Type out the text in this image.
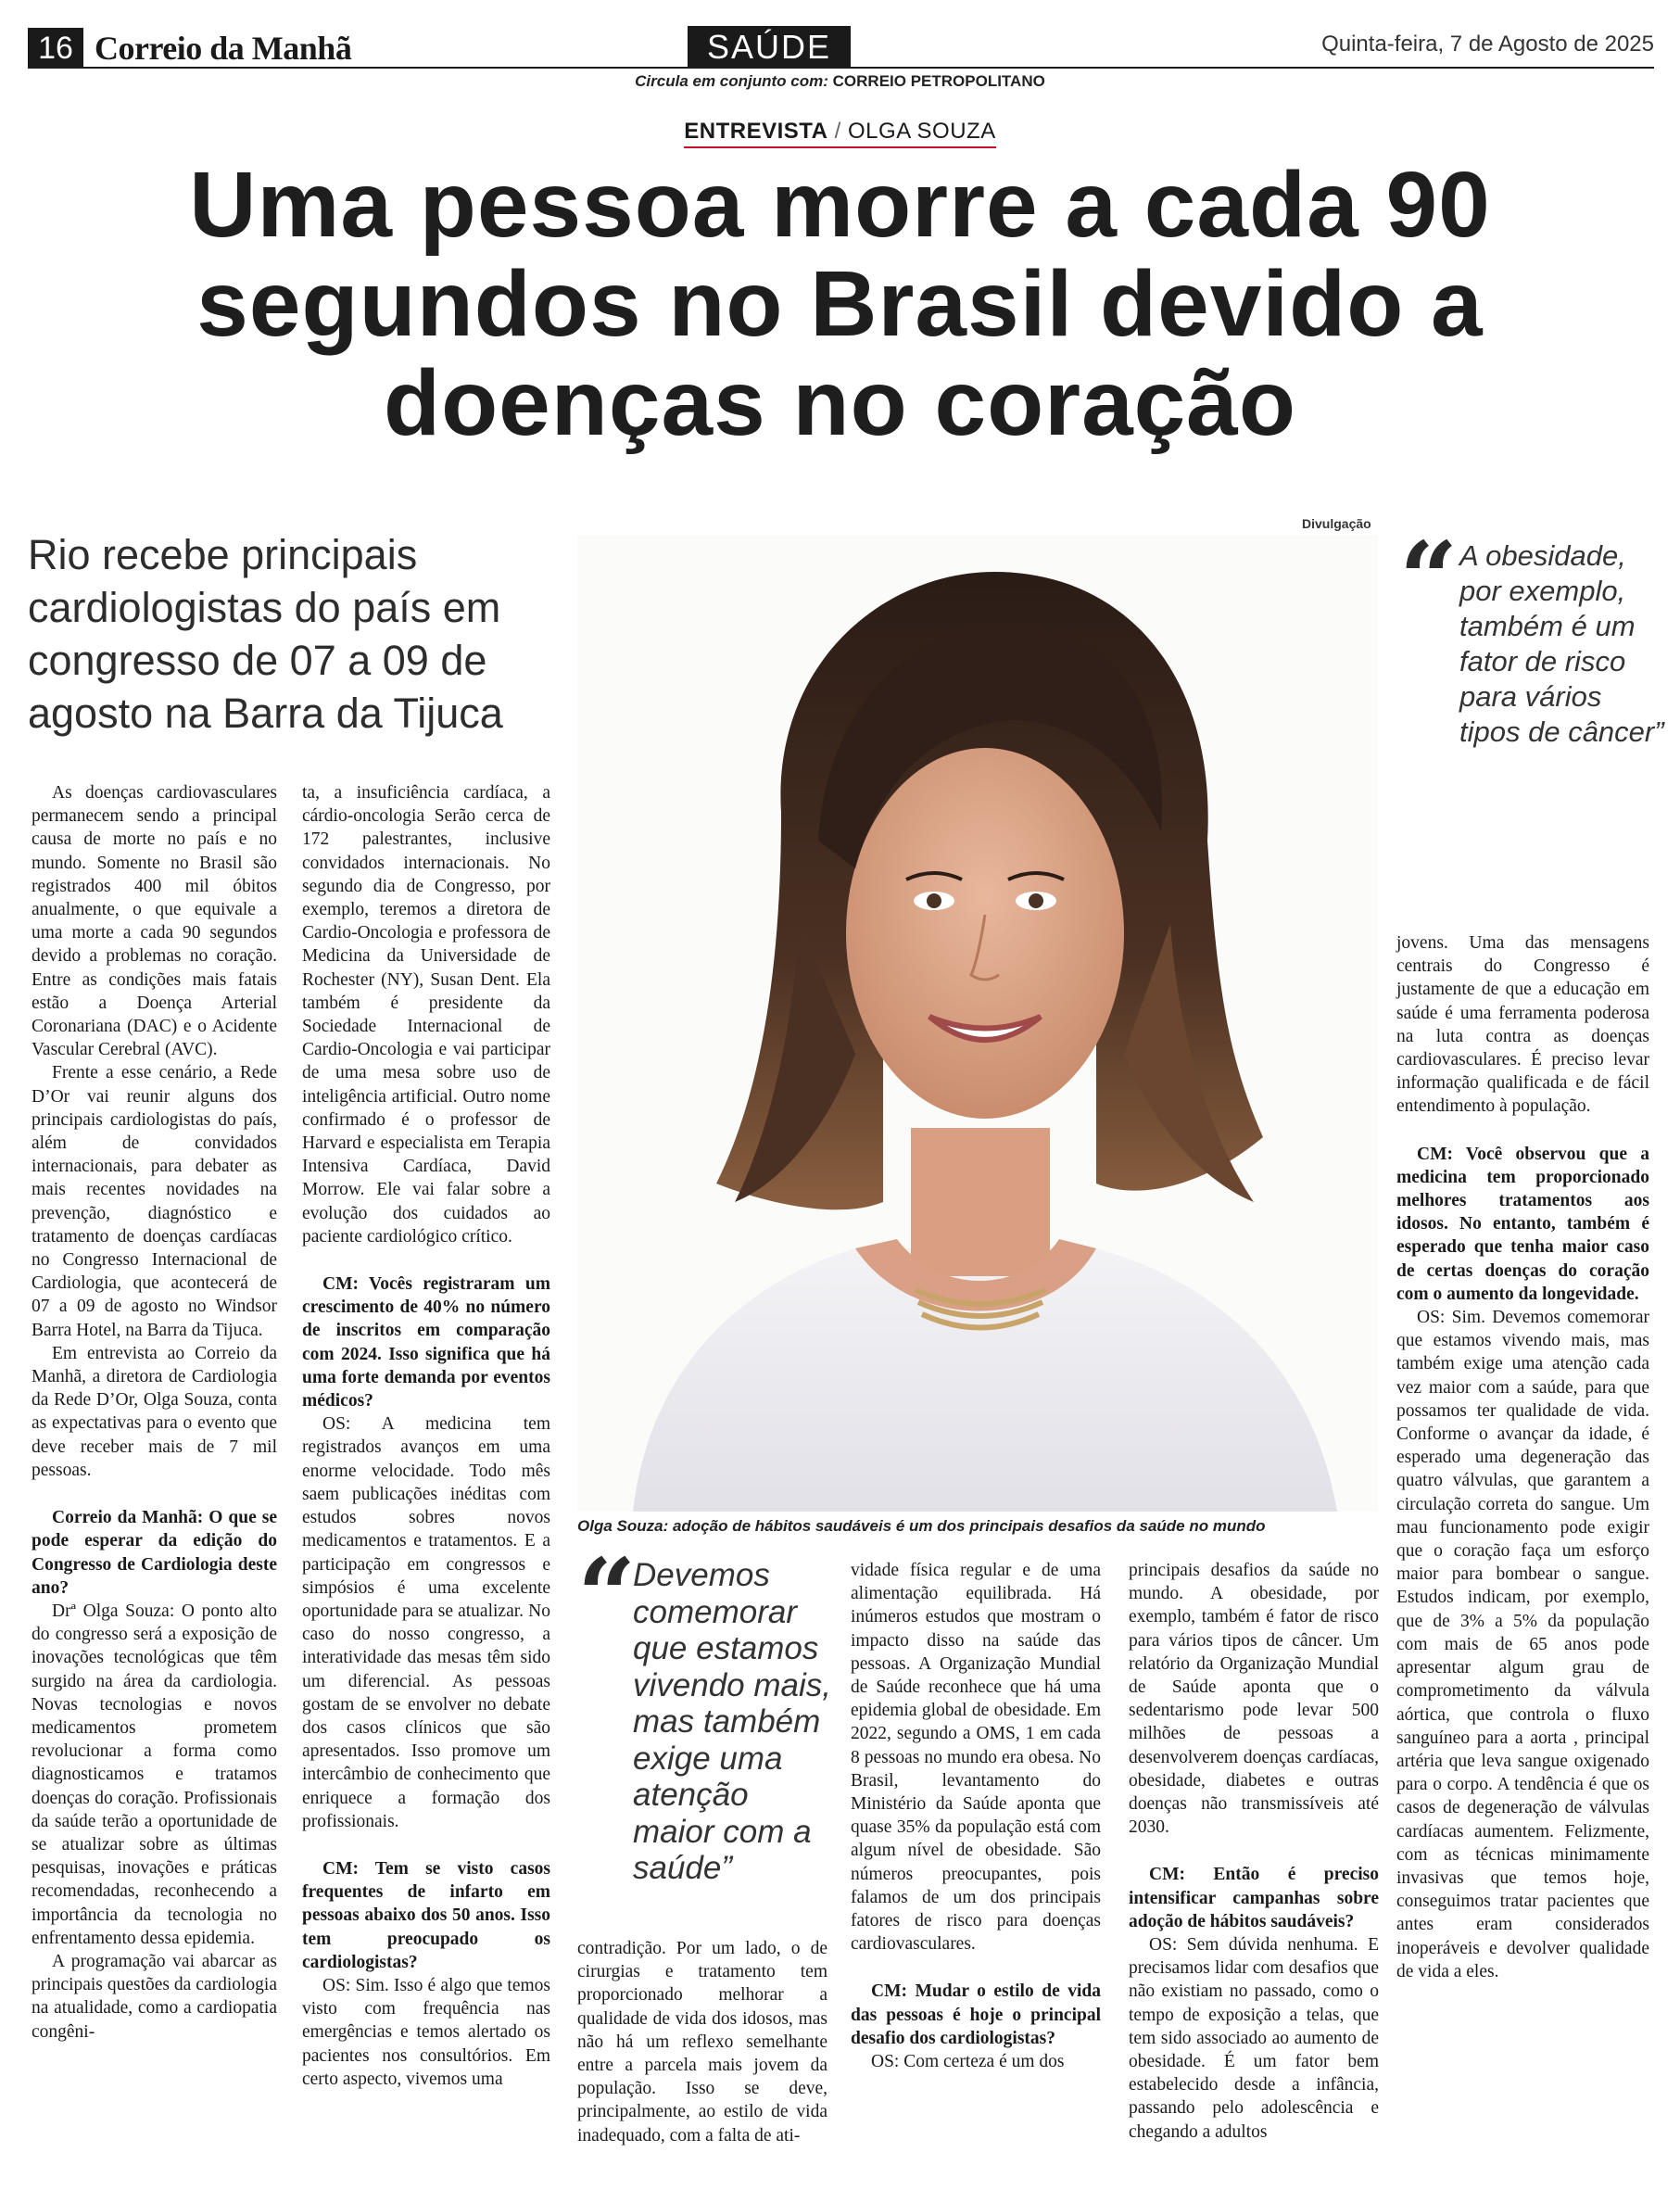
16 Correio da Manhã	SAÚDE	Quinta-feira, 7 de Agosto de 2025
Circula em conjunto com: CORREIO PETROPOLITANO
ENTREVISTA / OLGA SOUZA
Uma pessoa morre a cada 90 segundos no Brasil devido a doenças no coração
Rio recebe principais cardiologistas do país em congresso de 07 a 09 de agosto na Barra da Tijuca
Divulgação
Olga Souza: adoção de hábitos saudáveis é um dos principais desafios da saúde no mundo
“ A obesidade, por exemplo, também é um fator de risco para vários tipos de câncer”
“
Devemos comemorar que estamos vivendo mais, mas também exige uma atenção maior com a saúde”

As doenças cardiovasculares permanecem sendo a principal causa de morte no país e no mundo. Somente no Brasil são registrados 400 mil óbitos anualmente, o que equivale a uma morte a cada 90 segundos devido a problemas no coração. Entre as condições mais fatais estão a Doença Arterial Coronariana (DAC) e o Acidente Vascular Cerebral (AVC).

Frente a esse cenário, a Rede D’Or vai reunir alguns dos principais cardiologistas do país, além de convidados internacionais, para debater as mais recentes novidades na prevenção, diagnóstico e tratamento de doenças cardíacas no Congresso Internacional de Cardiologia, que acontecerá de 07 a 09 de agosto no Windsor Barra Hotel, na Barra da Tijuca.

Em entrevista ao Correio da Manhã, a diretora de Cardiologia da Rede D’Or, Olga Souza, conta as expectativas para o evento que deve receber mais de 7 mil pessoas.

Correio da Manhã: O que se pode esperar da edição do Congresso de Cardiologia deste ano?

Drª Olga Souza: O ponto alto do congresso será a exposição de inovações tecnológicas que têm surgido na área da cardiologia. Novas tecnologias e novos medicamentos prometem revolucionar a forma como diagnosticamos e tratamos doenças do coração. Profissionais da saúde terão a oportunidade de se atualizar sobre as últimas pesquisas, inovações e práticas recomendadas, reconhecendo a importância da tecnologia no enfrentamento dessa epidemia.

A programação vai abarcar as principais questões da cardiologia na atualidade, como a cardiopatia congêni-

ta, a insuficiência cardíaca, a cárdio-oncologia Serão cerca de 172 palestrantes, inclusive convidados internacionais. No segundo dia de Congresso, por exemplo, teremos a diretora de Cardio-Oncologia e professora de Medicina da Universidade de Rochester (NY), Susan Dent. Ela também é presidente da Sociedade Internacional de Cardio-Oncologia e vai participar de uma mesa sobre uso de inteligência artificial. Outro nome confirmado é o professor de Harvard e especialista em Terapia Intensiva Cardíaca, David Morrow. Ele vai falar sobre a evolução dos cuidados ao paciente cardiológico crítico.

CM: Vocês registraram um crescimento de 40% no número de inscritos em comparação com 2024. Isso significa que há uma forte demanda por eventos médicos?

OS: A medicina tem registrados avanços em uma enorme velocidade. Todo mês saem publicações inéditas com estudos sobres novos medicamentos e tratamentos. E a participação em congressos e simpósios é uma excelente oportunidade para se atualizar. No caso do nosso congresso, a interatividade das mesas têm sido um diferencial. As pessoas gostam de se envolver no debate dos casos clínicos que são apresentados. Isso promove um intercâmbio de conhecimento que enriquece a formação dos profissionais.

CM: Tem se visto casos frequentes de infarto em pessoas abaixo dos 50 anos. Isso tem preocupado os cardiologistas?

OS: Sim. Isso é algo que temos visto com frequência nas emergências e temos alertado os pacientes nos consultórios. Em certo aspecto, vivemos uma

contradição. Por um lado, o de cirurgias e tratamento tem proporcionado melhorar a qualidade de vida dos idosos, mas não há um reflexo semelhante entre a parcela mais jovem da população. Isso se deve, principalmente, ao estilo de vida inadequado, com a falta de ati-

vidade física regular e de uma alimentação equilibrada. Há inúmeros estudos que mostram o impacto disso na saúde das pessoas. A Organização Mundial de Saúde reconhece que há uma epidemia global de obesidade. Em 2022, segundo a OMS, 1 em cada 8 pessoas no mundo era obesa. No Brasil, levantamento do Ministério da Saúde aponta que quase 35% da população está com algum nível de obesidade. São números preocupantes, pois falamos de um dos principais fatores de risco para doenças cardiovasculares.

CM: Mudar o estilo de vida das pessoas é hoje o principal desafio dos cardiologistas?

OS: Com certeza é um dos

principais desafios da saúde no mundo. A obesidade, por exemplo, também é fator de risco para vários tipos de câncer. Um relatório da Organização Mundial de Saúde aponta que o sedentarismo pode levar 500 milhões de pessoas a desenvolverem doenças cardíacas, obesidade, diabetes e outras doenças não transmissíveis até 2030.

CM: Então é preciso intensificar campanhas sobre adoção de hábitos saudáveis?

OS: Sem dúvida nenhuma. E precisamos lidar com desafios que não existiam no passado, como o tempo de exposição a telas, que tem sido associado ao aumento de obesidade. É um fator bem estabelecido desde a infância, passando pelo adolescência e chegando a adultos

jovens. Uma das mensagens centrais do Congresso é justamente de que a educação em saúde é uma ferramenta poderosa na luta contra as doenças cardiovasculares. É preciso levar informação qualificada e de fácil entendimento à população.

CM: Você observou que a medicina tem proporcionado melhores tratamentos aos idosos. No entanto, também é esperado que tenha maior caso de certas doenças do coração com o aumento da longevidade.

OS: Sim. Devemos comemorar que estamos vivendo mais, mas também exige uma atenção cada vez maior com a saúde, para que possamos ter qualidade de vida. Conforme o avançar da idade, é esperado uma degeneração das quatro válvulas, que garantem a circulação correta do sangue. Um mau funcionamento pode exigir que o coração faça um esforço maior para bombear o sangue. Estudos indicam, por exemplo, que de 3% a 5% da população com mais de 65 anos pode apresentar algum grau de comprometimento da válvula aórtica, que controla o fluxo sanguíneo para a aorta , principal artéria que leva sangue oxigenado para o corpo. A tendência é que os casos de degeneração de válvulas cardíacas aumentem. Felizmente, com as técnicas minimamente invasivas que temos hoje, conseguimos tratar pacientes que antes eram considerados inoperáveis e devolver qualidade de vida a eles.
